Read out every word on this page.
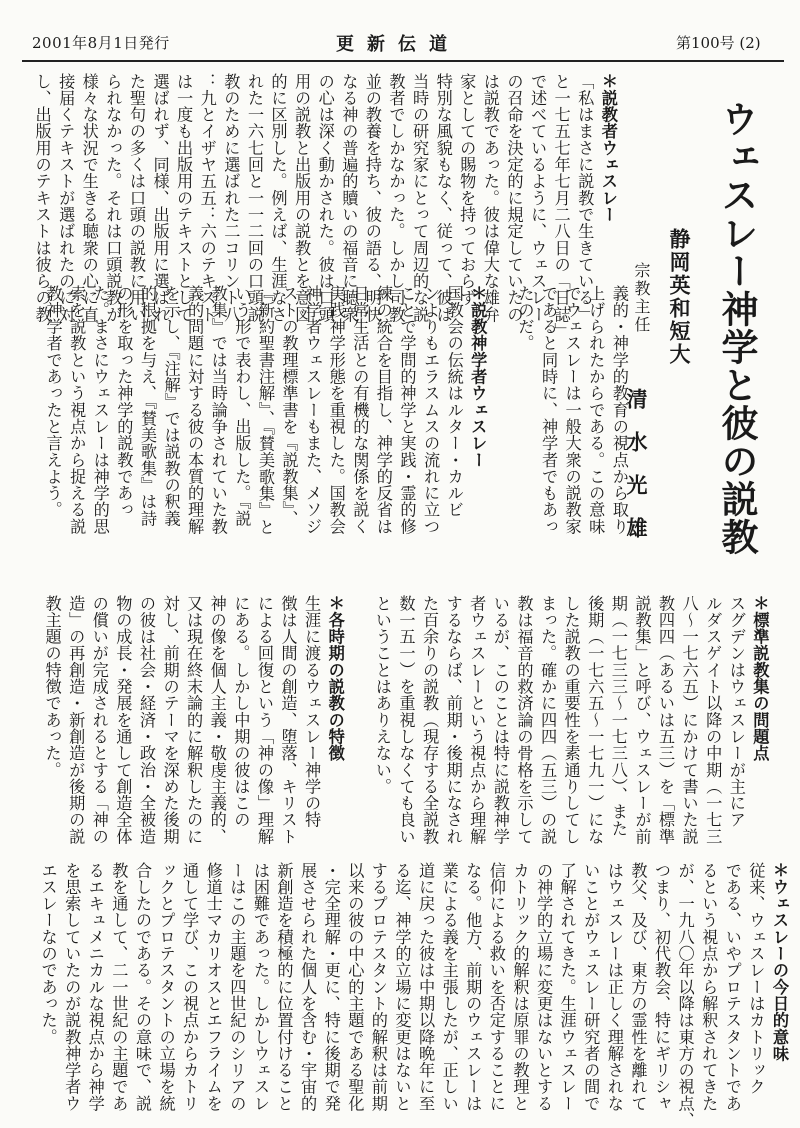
2001年8月1日発行	更新伝道	第100号 (2)
ウェスレー神学と彼の説教
静岡英和短大
宗教主任
清水光雄
＊説教者ウェスレー
「私はまさに説教で生きている」
と一七五七年七月二八日の「日誌」
で述べているように、ウェスレー
の召命を決定的に規定していたの
は説教であった。彼は偉大な雄弁
家としての賜物を持っておらず、
特別な風貌もなく、従って、彼は
当時の研究家にとって周辺的な説
教者でしかなかった。しかし司教
並の教養を持ち、彼の語る、明快
なる神の普遍的贖いの福音に聴衆
の心は深く動かされた。彼は口頭
用の説教と出版用の説教とを意図
的に区別した。例えば、生涯なさ
れた一六七回と一一二回の口頭説
教のために選ばれた二コリント八
：九とイザヤ五五：六のテキスト
は一度も出版用のテキストとして
選ばれず、同様、出版用に選ばれ
た聖句の多くは口頭の説教に用い
られなかった。それは口頭説教が
様々な状況で生きる聴衆の心に直
接届くテキストが選ばれたのに対
し、出版用のテキストは彼らの教
義的・神学的教育の視点から取り
上げられたからである。この意味
でウェスレーは一般大衆の説教家
であると同時に、神学者でもあっ
たのだ。

＊説教神学者ウェスレー
国教会の伝統はルター・カルビ
ンよりもエラスムスの流れに立つ
ことで学問的神学と実践・霊的修
練の統合を目指し、神学的反省は
日常生活との有機的な関係を説く
実践神学形態を重視した。国教会
神学者ウェスレーもまた、メソジ
ストの教理標準書を『説教集』、
『新約聖書注解』、『賛美歌集』と
いう形で表わし、出版した。『説
教集』では当時論争されていた教
義的問題に対する彼の本質的理解
を示し、『注解』では説教の釈義
的根拠を与え、『賛美歌集』は詩
の形を取った神学的説教であっ
た。まさにウェスレーは神学的思
索を説教という視点から捉える説
教神学者であったと言えよう。
＊標準説教集の問題点
スグデンはウェスレーが主にア
ルダスゲイト以降の中期（一七三
八～一七六五）にかけて書いた説
教四四（あるいは五三）を「標準
説教集」と呼び、ウェスレーが前
期（一七三三～一七三八）、また
後期（一七六五～一七九一）にな
した説教の重要性を素通りしてし
まった。確かに四四（五三）の説
教は福音的救済論の骨格を示して
いるが、このことは特に説教神学
者ウェスレーという視点から理解
するならば、前期・後期になされ
た百余りの説教（現存する全説教
数一五一）を重視しなくても良い
ということはありえない。

＊各時期の説教の特徴
生涯に渡るウェスレー神学の特
徴は人間の創造、堕落、キリスト
による回復という「神の像」理解
にある。しかし中期の彼はこの
神の像を個人主義・敬虔主義的、
又は現在終末論的に解釈したのに
対し、前期のテーマを深めた後期
の彼は社会・経済・政治・全被造
物の成長・発展を通して創造全体
の償いが完成されるとする「神の
造」の再創造・新創造が後期の説
教主題の特徴であった。
＊ウェスレーの今日的意味
従来、ウェスレーはカトリック
である、いやプロテスタントであ
るという視点から解釈されてきた
が、一九八〇年以降は東方の視点、
つまり、初代教会、特にギリシャ
教父、及び、東方の霊性を離れて
はウェスレーは正しく理解されな
いことがウェスレー研究者の間で
了解されてきた。生涯ウェスレー
の神学的立場に変更はないとする
カトリック的解釈は原罪の教理と
信仰による救いを否定することに
なる。他方、前期のウェスレーは
業による義を主張したが、正しい
道に戻った彼は中期以降晩年に至
る迄、神学的立場に変更はないと
するプロテスタント的解釈は前期
以来の彼の中心的主題である聖化
・完全理解・更に、特に後期で発
展させられた個人を含む・宇宙的
新創造を積極的に位置付けること
は困難であった。しかしウェスレ
ーはこの主題を四世紀のシリアの
修道士マカリオスとエフライムを
通して学び、この視点からカトリ
ックとプロテスタントの立場を統
合したのである。その意味で、説
教を通して、二一世紀の主題であ
るエキュメニカルな視点から神学
を思索していたのが説教神学者ウ
エスレーなのであった。
